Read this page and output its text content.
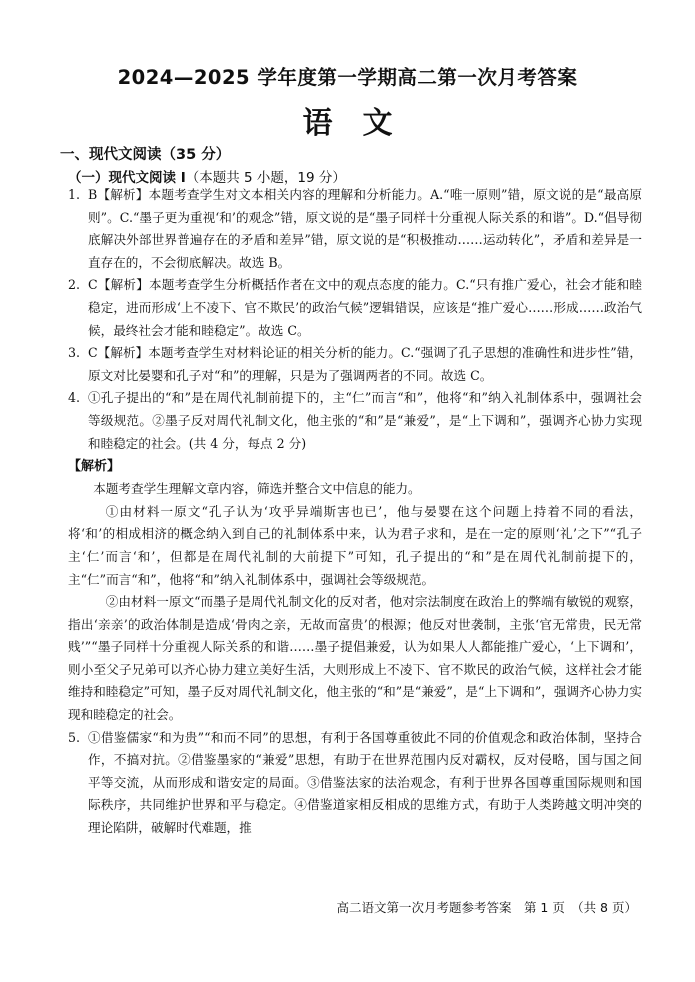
2024—2025 学年度第一学期高二第一次月考答案
语文
一、现代文阅读（35 分）
（一）现代文阅读 I（本题共 5 小题，19 分）
1. B【解析】本题考查学生对文本相关内容的理解和分析能力。A.“唯一原则”错，原文说的是“最高原则”。C.“墨子更为重视‘和’的观念”错，原文说的是“墨子同样十分重视人际关系的和谐”。D.“倡导彻底解决外部世界普遍存在的矛盾和差异”错，原文说的是“积极推动……运动转化”，矛盾和差异是一直存在的，不会彻底解决。故选 B。
2. C【解析】本题考查学生分析概括作者在文中的观点态度的能力。C.“只有推广爱心，社会才能和睦稳定，进而形成‘上不凌下、官不欺民’的政治气候”逻辑错误，应该是“推广爱心……形成……政治气候，最终社会才能和睦稳定”。故选 C。
3. C【解析】本题考查学生对材料论证的相关分析的能力。C.“强调了孔子思想的准确性和进步性”错，原文对比晏婴和孔子对“和”的理解，只是为了强调两者的不同。故选 C。
4. ①孔子提出的“和”是在周代礼制前提下的，主“仁”而言“和”，他将“和”纳入礼制体系中，强调社会等级规范。②墨子反对周代礼制文化，他主张的“和”是“兼爱”，是“上下调和”，强调齐心协力实现和睦稳定的社会。(共 4 分，每点 2 分)
【解析】

本题考查学生理解文章内容，筛选并整合文中信息的能力。

①由材料一原文“孔子认为‘攻乎异端斯害也已’，他与晏婴在这个问题上持着不同的看法，将‘和’的相成相济的概念纳入到自己的礼制体系中来，认为君子求和，是在一定的原则‘礼’之下”“孔子主‘仁’而言‘和’，但都是在周代礼制的大前提下”可知，孔子提出的“和”是在周代礼制前提下的，主“仁”而言“和”，他将“和”纳入礼制体系中，强调社会等级规范。

②由材料一原文“而墨子是周代礼制文化的反对者，他对宗法制度在政治上的弊端有敏锐的观察，指出‘亲亲’的政治体制是造成‘骨肉之亲，无故而富贵’的根源；他反对世袭制，主张‘官无常贵，民无常贱’”“墨子同样十分重视人际关系的和谐……墨子提倡兼爱，认为如果人人都能推广爱心，‘上下调和’，则小至父子兄弟可以齐心协力建立美好生活，大则形成上不凌下、官不欺民的政治气候，这样社会才能维持和睦稳定”可知，墨子反对周代礼制文化，他主张的“和”是“兼爱”，是“上下调和”，强调齐心协力实现和睦稳定的社会。

5. ①借鉴儒家“和为贵”“和而不同”的思想，有利于各国尊重彼此不同的价值观念和政治体制，坚持合作，不搞对抗。②借鉴墨家的“兼爱”思想，有助于在世界范围内反对霸权，反对侵略，国与国之间平等交流，从而形成和谐安定的局面。③借鉴法家的法治观念，有利于世界各国尊重国际规则和国际秩序，共同维护世界和平与稳定。④借鉴道家相反相成的思维方式，有助于人类跨越文明冲突的理论陷阱，破解时代难题，推
高二语文第一次月考题参考答案　第 1 页　（共 8 页）
